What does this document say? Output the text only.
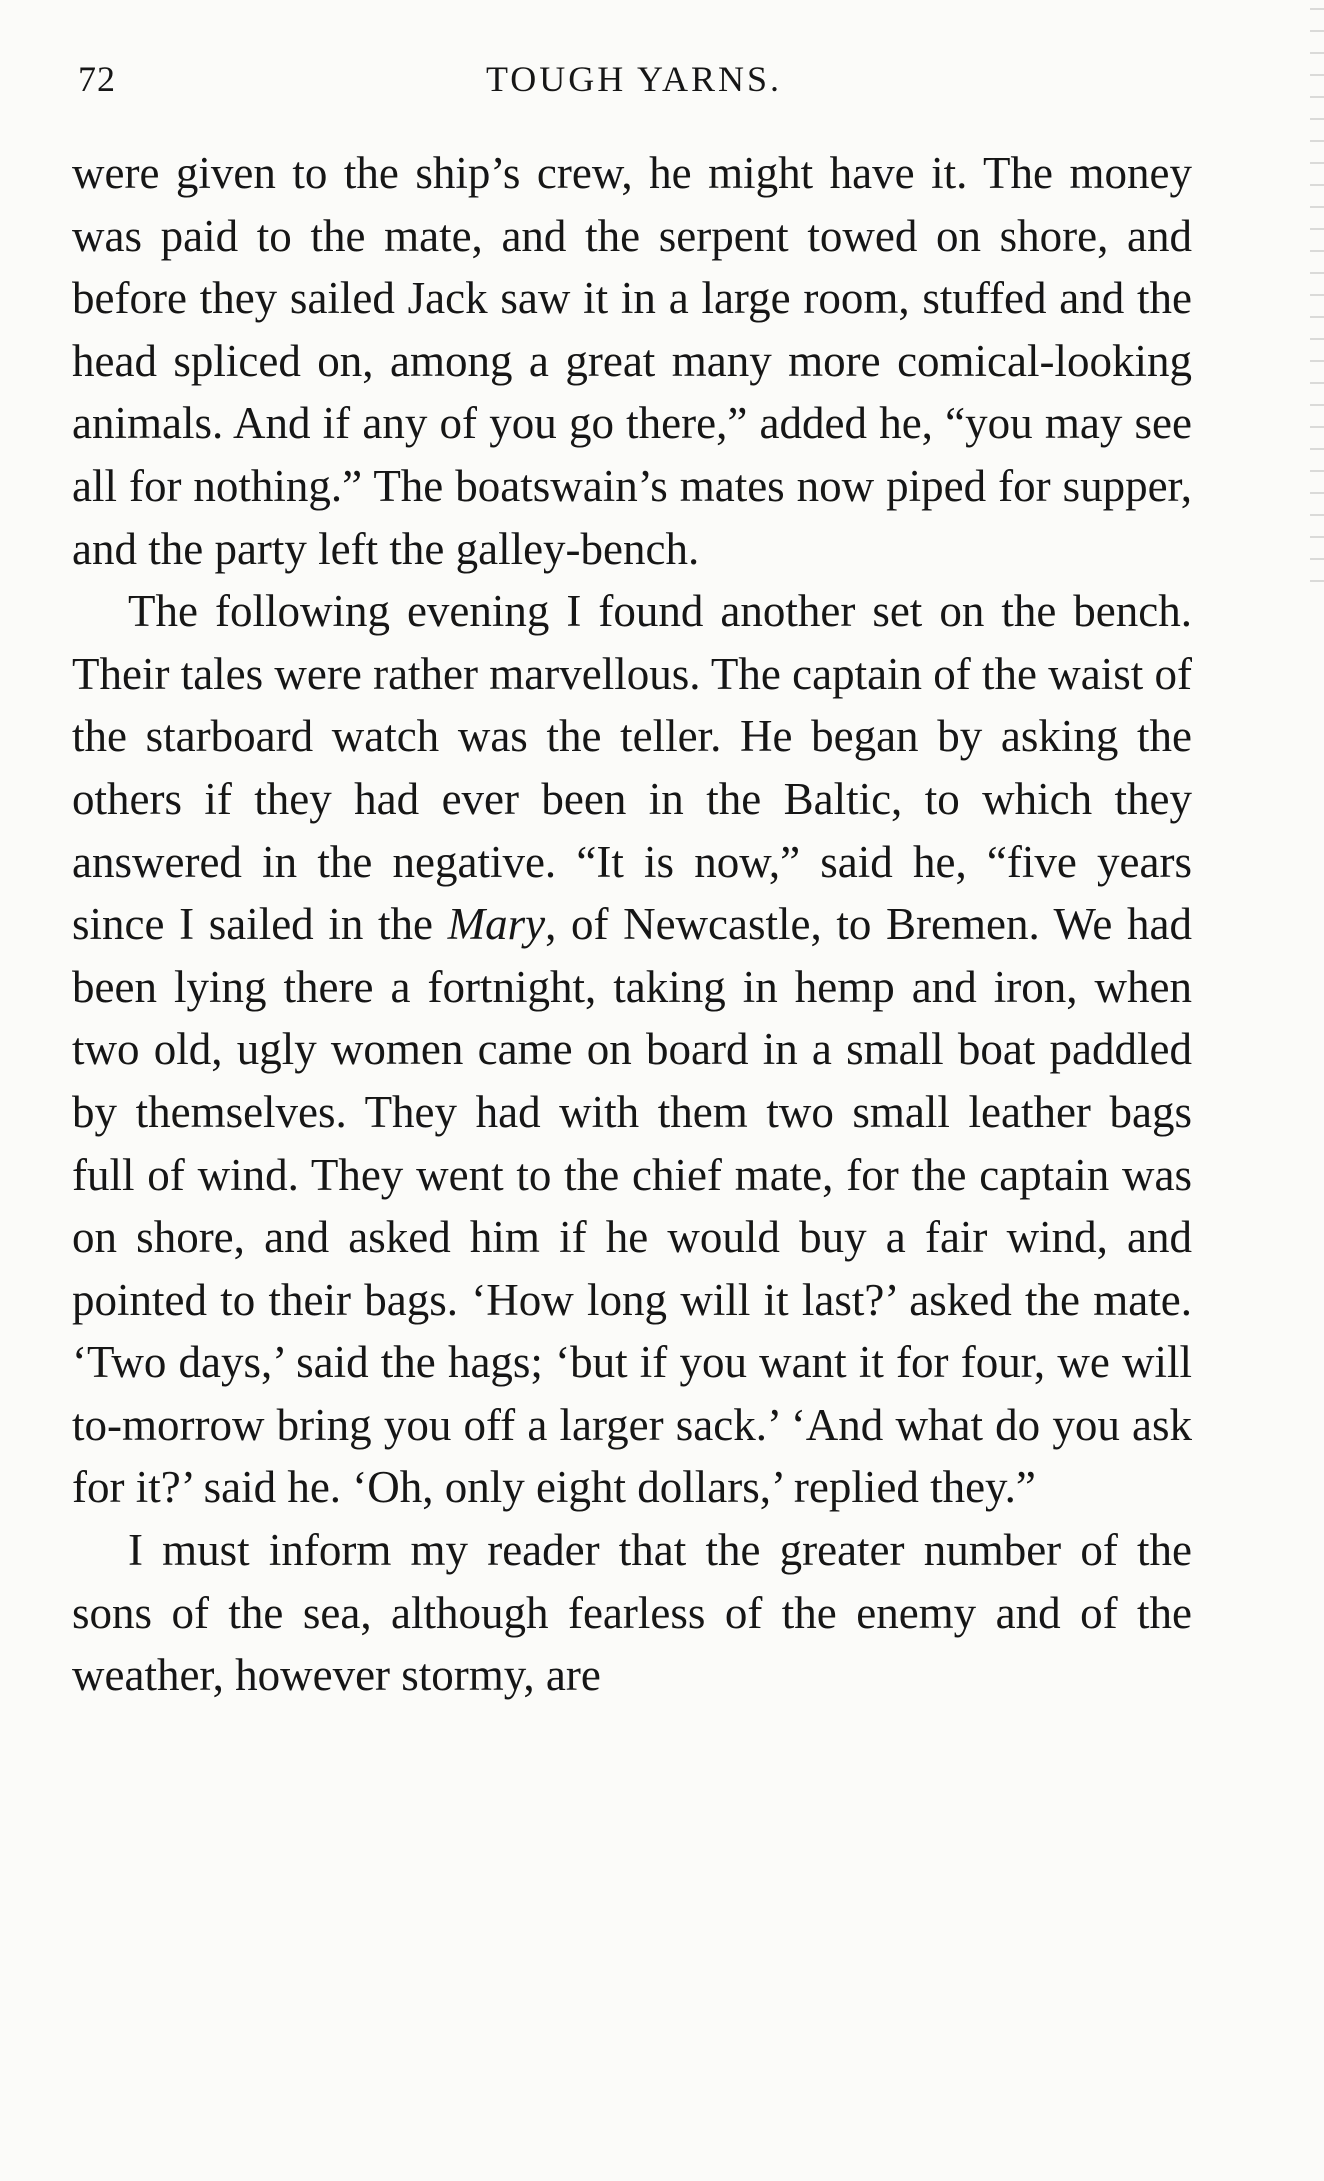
72	TOUGH YARNS.

were given to the ship’s crew, he might have it. The money was paid to the mate, and the serpent towed on shore, and before they sailed Jack saw it in a large room, stuffed and the head spliced on, among a great many more comical-looking animals. And if any of you go there,” added he, “you may see all for nothing.” The boatswain’s mates now piped for supper, and the party left the galley-bench.

The following evening I found another set on the bench. Their tales were rather marvellous. The captain of the waist of the starboard watch was the teller. He began by asking the others if they had ever been in the Baltic, to which they answered in the negative. “It is now,” said he, “five years since I sailed in the Mary, of Newcastle, to Bremen. We had been lying there a fortnight, taking in hemp and iron, when two old, ugly women came on board in a small boat paddled by themselves. They had with them two small leather bags full of wind. They went to the chief mate, for the captain was on shore, and asked him if he would buy a fair wind, and pointed to their bags. ‘How long will it last?’ asked the mate. ‘Two days,’ said the hags; ‘but if you want it for four, we will to-morrow bring you off a larger sack.’ ‘And what do you ask for it?’ said he. ‘Oh, only eight dollars,’ replied they.”

I must inform my reader that the greater number of the sons of the sea, although fearless of the enemy and of the weather, however stormy, are
